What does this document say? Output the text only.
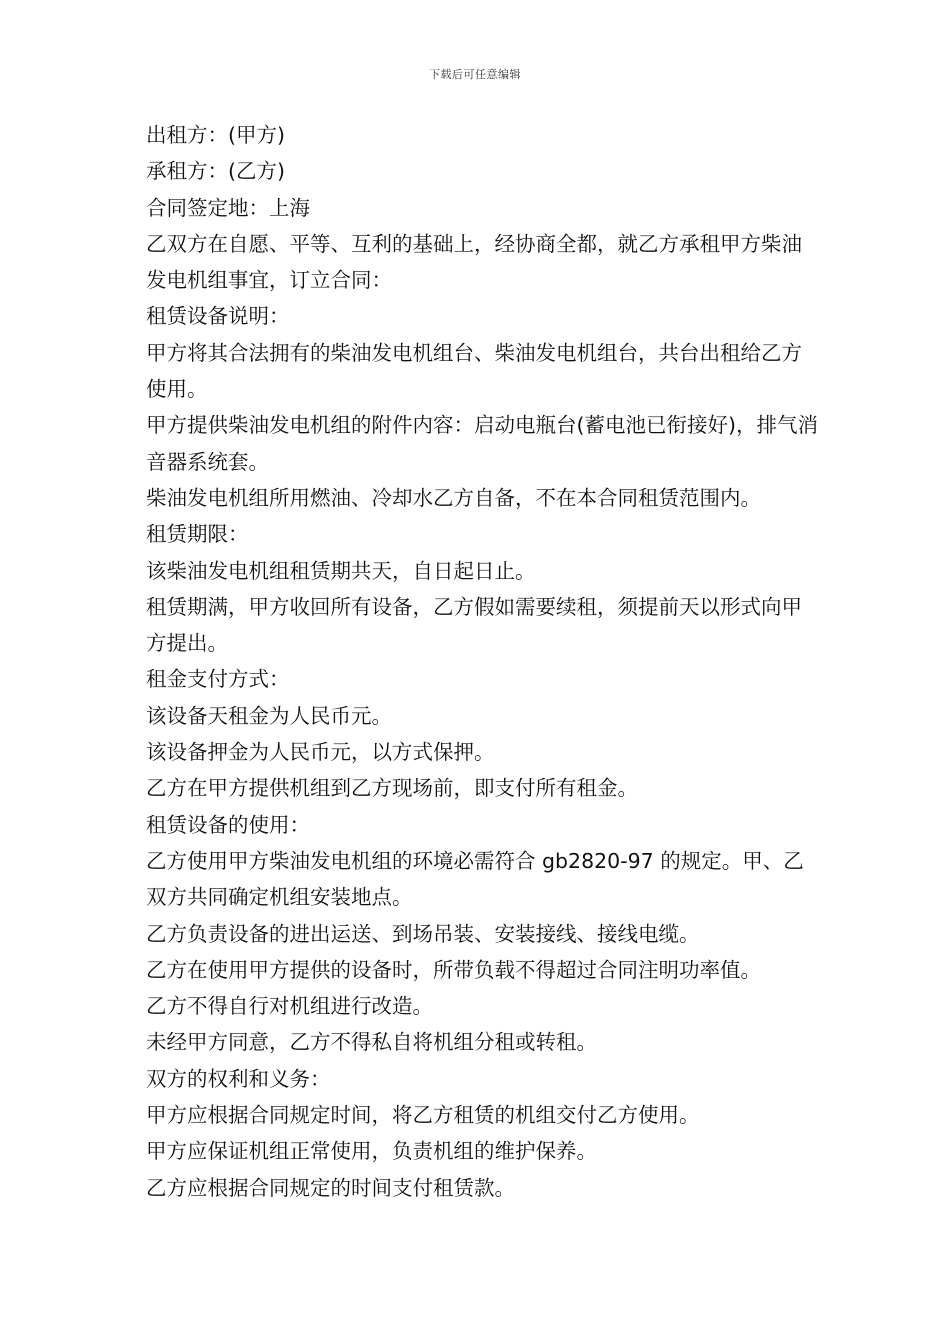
下载后可任意编辑

出租方：(甲方)

承租方：(乙方)

合同签定地：上海

乙双方在自愿、平等、互利的基础上，经协商全都，就乙方承租甲方柴油发电机组事宜，订立合同：

租赁设备说明：

甲方将其合法拥有的柴油发电机组台、柴油发电机组台，共台出租给乙方使用。

甲方提供柴油发电机组的附件内容：启动电瓶台(蓄电池已衔接好)，排气消音器系统套。

柴油发电机组所用燃油、冷却水乙方自备，不在本合同租赁范围内。

租赁期限：

该柴油发电机组租赁期共天，自日起日止。

租赁期满，甲方收回所有设备，乙方假如需要续租，须提前天以形式向甲方提出。

租金支付方式：

该设备天租金为人民币元。

该设备押金为人民币元，以方式保押。

乙方在甲方提供机组到乙方现场前，即支付所有租金。

租赁设备的使用：

乙方使用甲方柴油发电机组的环境必需符合 gb2820-97 的规定。甲、乙双方共同确定机组安装地点。

乙方负责设备的进出运送、到场吊装、安装接线、接线电缆。

乙方在使用甲方提供的设备时，所带负载不得超过合同注明功率值。

乙方不得自行对机组进行改造。

未经甲方同意，乙方不得私自将机组分租或转租。

双方的权利和义务：

甲方应根据合同规定时间，将乙方租赁的机组交付乙方使用。

甲方应保证机组正常使用，负责机组的维护保养。

乙方应根据合同规定的时间支付租赁款。
